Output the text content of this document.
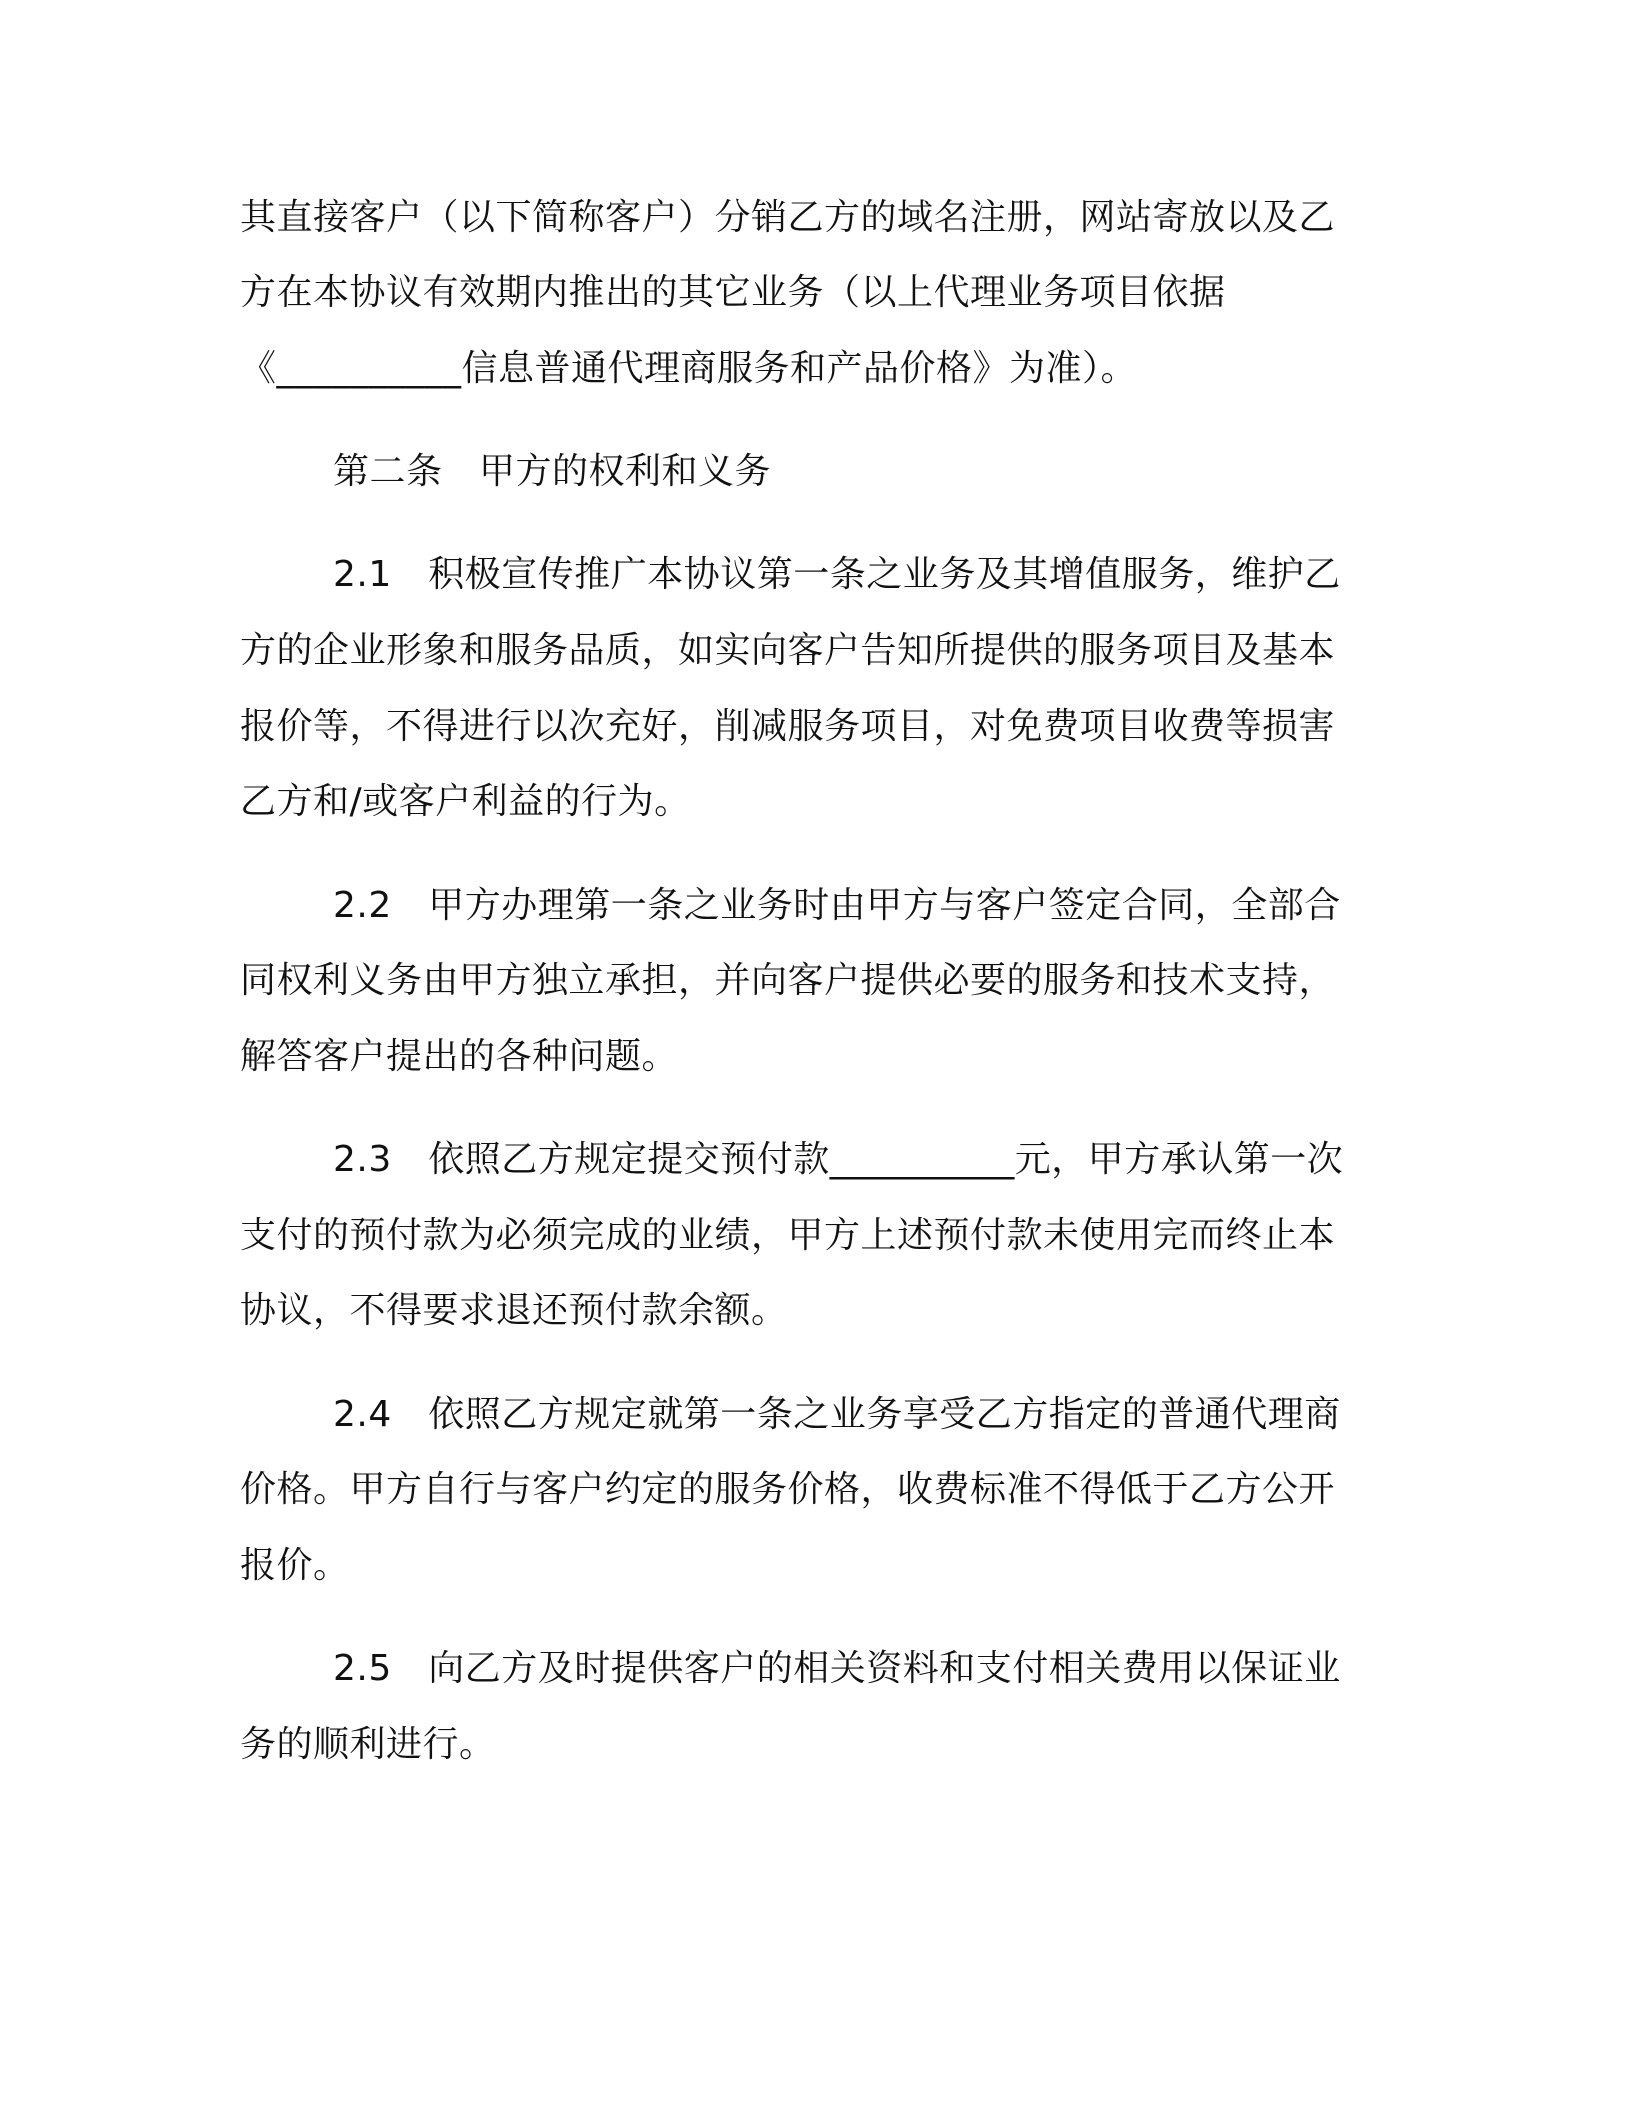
其直接客户（以下简称客户）分销乙方的域名注册，网站寄放以及乙
方在本协议有效期内推出的其它业务（以上代理业务项目依据
《__________信息普通代理商服务和产品价格》为准）。
第二条　甲方的权利和义务
2.1　积极宣传推广本协议第一条之业务及其增值服务，维护乙
方的企业形象和服务品质，如实向客户告知所提供的服务项目及基本
报价等，不得进行以次充好，削减服务项目，对免费项目收费等损害
乙方和/或客户利益的行为。
2.2　甲方办理第一条之业务时由甲方与客户签定合同，全部合
同权利义务由甲方独立承担，并向客户提供必要的服务和技术支持，
解答客户提出的各种问题。
2.3　依照乙方规定提交预付款__________元，甲方承认第一次
支付的预付款为必须完成的业绩，甲方上述预付款未使用完而终止本
协议，不得要求退还预付款余额。
2.4　依照乙方规定就第一条之业务享受乙方指定的普通代理商
价格。甲方自行与客户约定的服务价格，收费标准不得低于乙方公开
报价。
2.5　向乙方及时提供客户的相关资料和支付相关费用以保证业
务的顺利进行。
